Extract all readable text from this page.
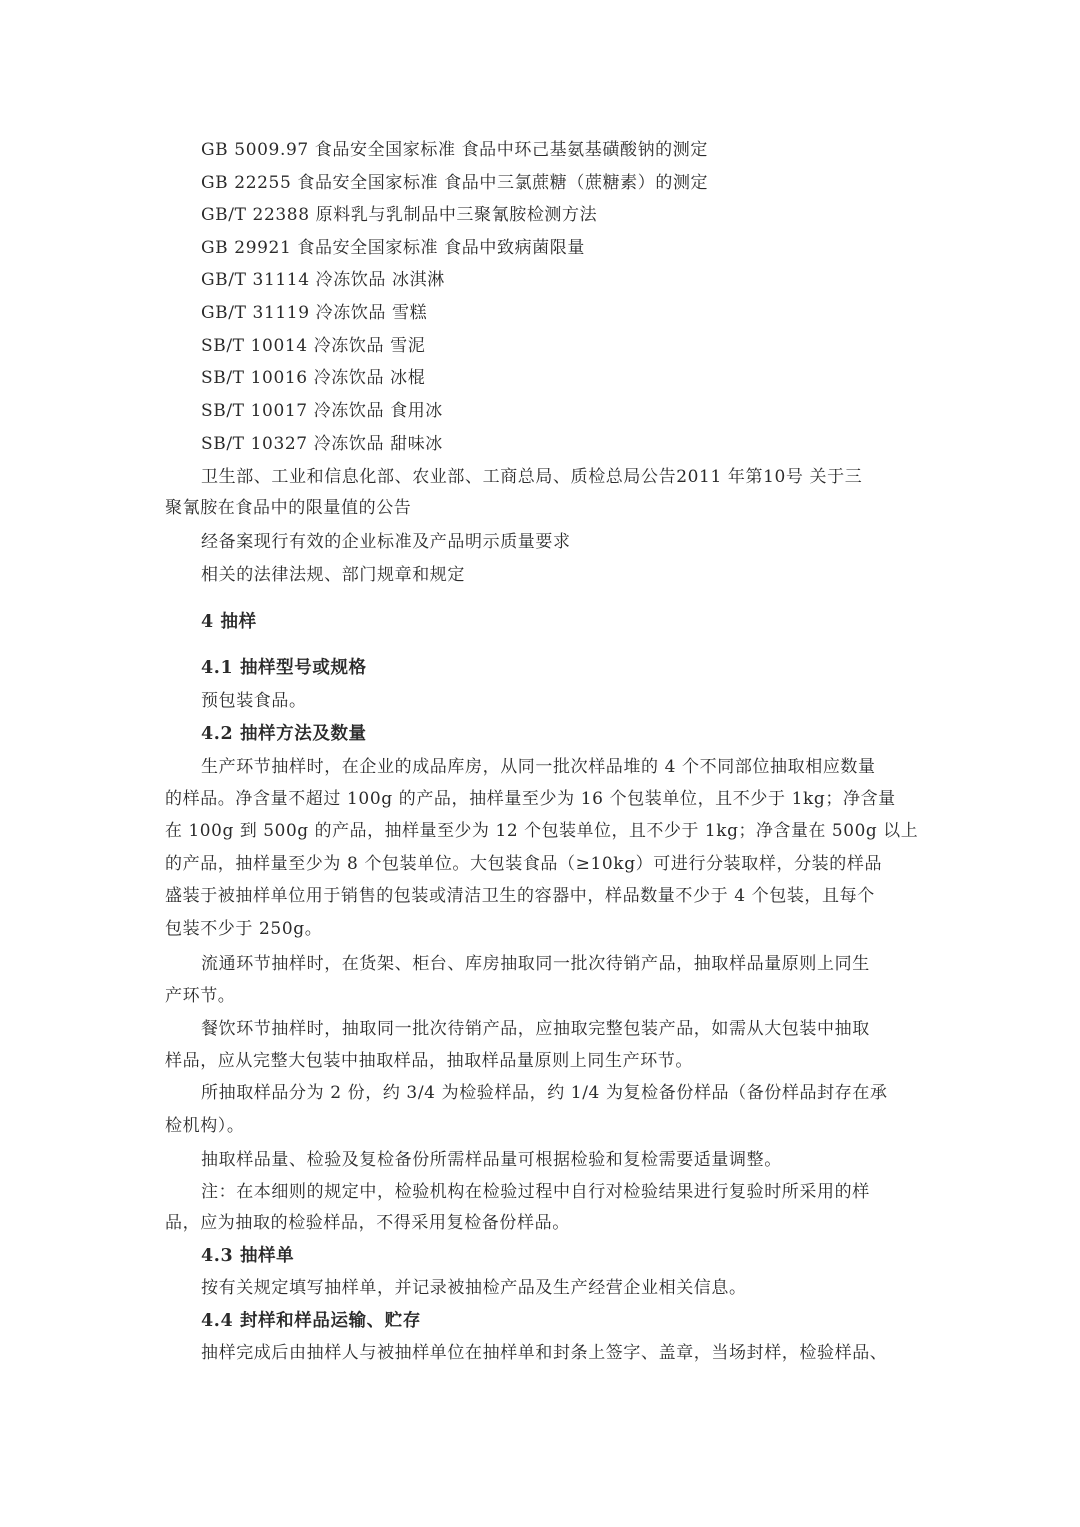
GB 5009.97 食品安全国家标准 食品中环己基氨基磺酸钠的测定
GB 22255 食品安全国家标准 食品中三氯蔗糖（蔗糖素）的测定
GB/T 22388 原料乳与乳制品中三聚氰胺检测方法
GB 29921 食品安全国家标准 食品中致病菌限量
GB/T 31114 冷冻饮品 冰淇淋
GB/T 31119 冷冻饮品 雪糕
SB/T 10014 冷冻饮品 雪泥
SB/T 10016 冷冻饮品 冰棍
SB/T 10017 冷冻饮品 食用冰
SB/T 10327 冷冻饮品 甜味冰
卫生部、工业和信息化部、农业部、工商总局、质检总局公告2011 年第10号 关于三
聚氰胺在食品中的限量值的公告
经备案现行有效的企业标准及产品明示质量要求
相关的法律法规、部门规章和规定
4 抽样
4.1 抽样型号或规格
预包装食品。
4.2 抽样方法及数量
生产环节抽样时，在企业的成品库房，从同一批次样品堆的 4 个不同部位抽取相应数量
的样品。净含量不超过 100g 的产品，抽样量至少为 16 个包装单位，且不少于 1kg；净含量
在 100g 到 500g 的产品，抽样量至少为 12 个包装单位，且不少于 1kg；净含量在 500g 以上
的产品，抽样量至少为 8 个包装单位。大包装食品（≥10kg）可进行分装取样，分装的样品
盛装于被抽样单位用于销售的包装或清洁卫生的容器中，样品数量不少于 4 个包装，且每个
包装不少于 250g。
流通环节抽样时，在货架、柜台、库房抽取同一批次待销产品，抽取样品量原则上同生
产环节。
餐饮环节抽样时，抽取同一批次待销产品，应抽取完整包装产品，如需从大包装中抽取
样品，应从完整大包装中抽取样品，抽取样品量原则上同生产环节。
所抽取样品分为 2 份，约 3/4 为检验样品，约 1/4 为复检备份样品（备份样品封存在承
检机构）。
抽取样品量、检验及复检备份所需样品量可根据检验和复检需要适量调整。
注：在本细则的规定中，检验机构在检验过程中自行对检验结果进行复验时所采用的样
品，应为抽取的检验样品，不得采用复检备份样品。
4.3 抽样单
按有关规定填写抽样单，并记录被抽检产品及生产经营企业相关信息。
4.4 封样和样品运输、贮存
抽样完成后由抽样人与被抽样单位在抽样单和封条上签字、盖章，当场封样，检验样品、
